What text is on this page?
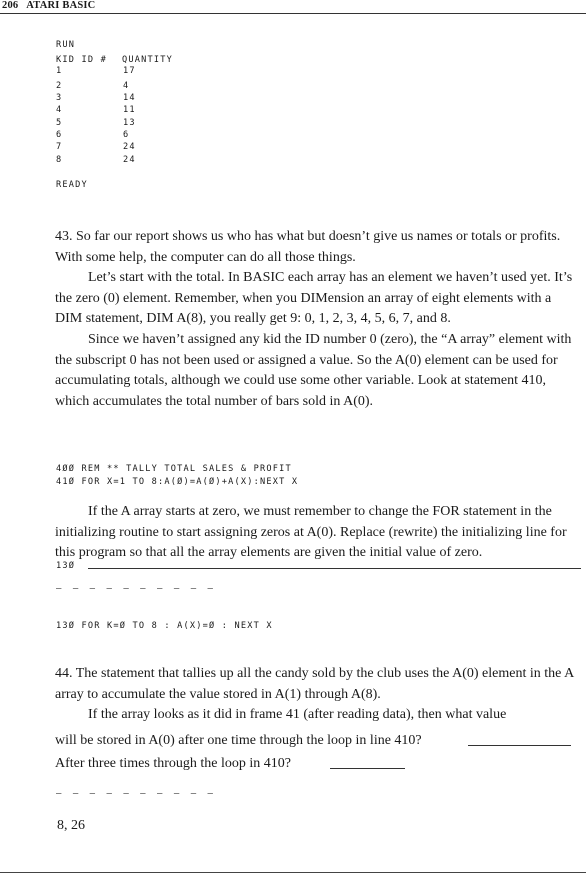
206 ATARI BASIC
RUN
KID ID # QUANTITY
1	17
2	4
3	14
4	11
5	13
6	6
7	24
8	24
READY
43. So far our report shows us who has what but doesn’t give us names or totals or profits. With some help, the computer can do all those things.
Let’s start with the total. In BASIC each array has an element we haven’t used yet. It’s the zero (0) element. Remember, when you DIMension an array of eight elements with a DIM statement, DIM A(8), you really get 9: 0, 1, 2, 3, 4, 5, 6, 7, and 8.
Since we haven’t assigned any kid the ID number 0 (zero), the “A array” element with the subscript 0 has not been used or assigned a value. So the A(0) element can be used for accumulating totals, although we could use some other variable. Look at statement 410, which accumulates the total number of bars sold in A(0).
4ØØ REM ** TALLY TOTAL SALES & PROFIT
41Ø FOR X=1 TO 8:A(Ø)=A(Ø)+A(X):NEXT X
If the A array starts at zero, we must remember to change the FOR statement in the initializing routine to start assigning zeros at A(0). Replace (rewrite) the initializing line for this program so that all the array elements are given the initial value of zero.
13Ø
— — — — — — — — — —
13Ø FOR K=Ø TO 8 : A(X)=Ø : NEXT X
44. The statement that tallies up all the candy sold by the club uses the A(0) element in the A array to accumulate the value stored in A(1) through A(8).
If the array looks as it did in frame 41 (after reading data), then what value
will be stored in A(0) after one time through the loop in line 410?
After three times through the loop in 410?
— — — — — — — — — —
8, 26
